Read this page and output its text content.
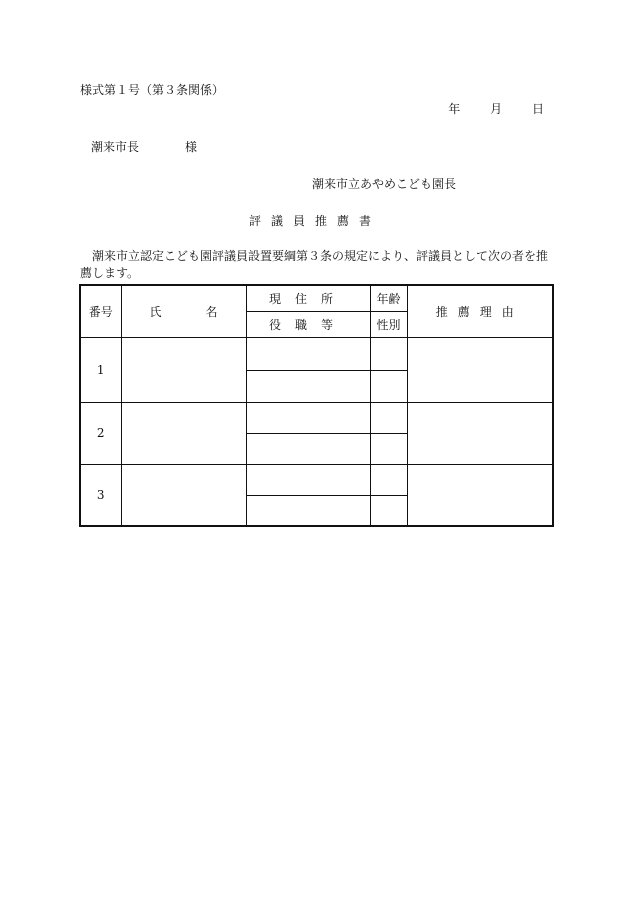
様式第１号（第３条関係）
年 月 日
潮来市長	様
潮来市立あやめこども園長
評議員推薦書
潮来市立認定こども園評議員設置要綱第３条の規定により、評議員として次の者を推薦します。
番号	氏 名	現住所	年齢	推薦理由
		役職等	性別	
1				

2				

3				
